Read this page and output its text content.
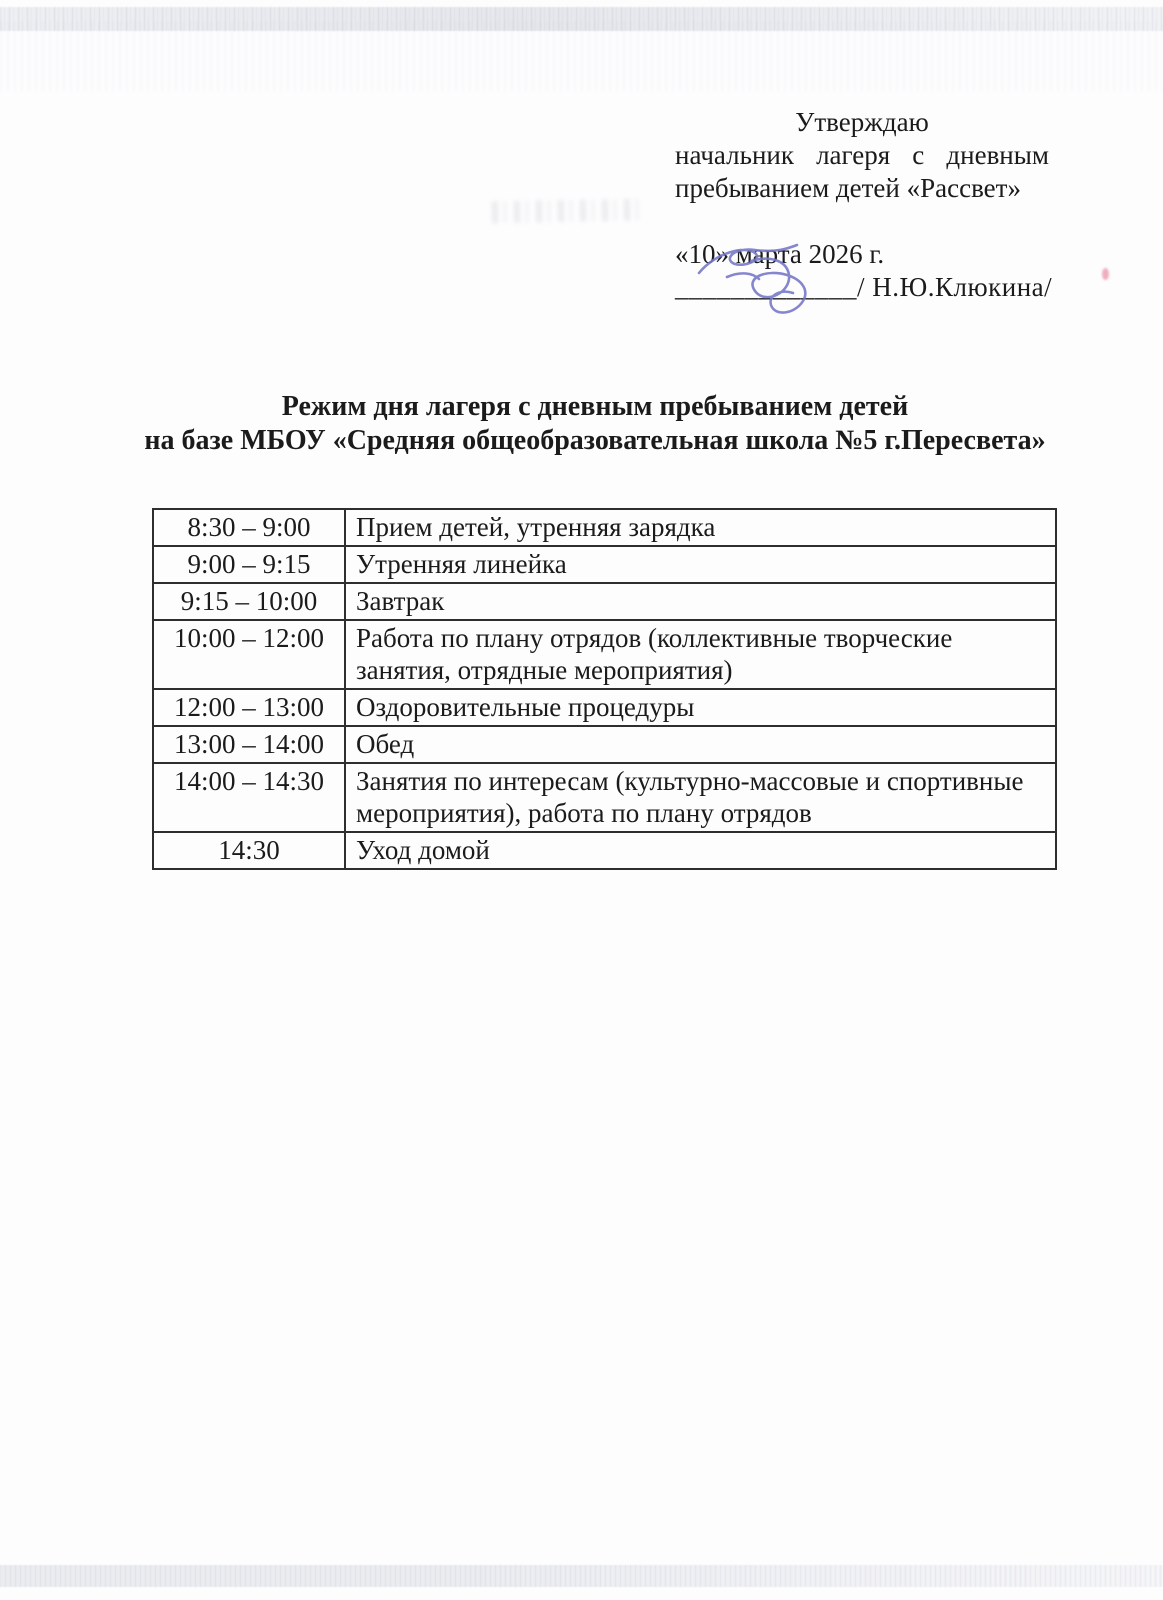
Утверждаю
начальник лагеря с дневным пребыванием детей «Рассвет»
«10» марта 2026 г.
_____________/ Н.Ю.Клюкина/
Режим дня лагеря с дневным пребыванием детей
на базе МБОУ «Средняя общеобразовательная школа №5 г.Пересвета»
8:30 – 9:00	Прием детей, утренняя зарядка
9:00 – 9:15	Утренняя линейка
9:15 – 10:00	Завтрак
10:00 – 12:00	Работа по плану отрядов (коллективные творческие занятия, отрядные мероприятия)
12:00 – 13:00	Оздоровительные процедуры
13:00 – 14:00	Обед
14:00 – 14:30	Занятия по интересам (культурно-массовые и спортивные мероприятия), работа по плану отрядов
14:30	Уход домой
